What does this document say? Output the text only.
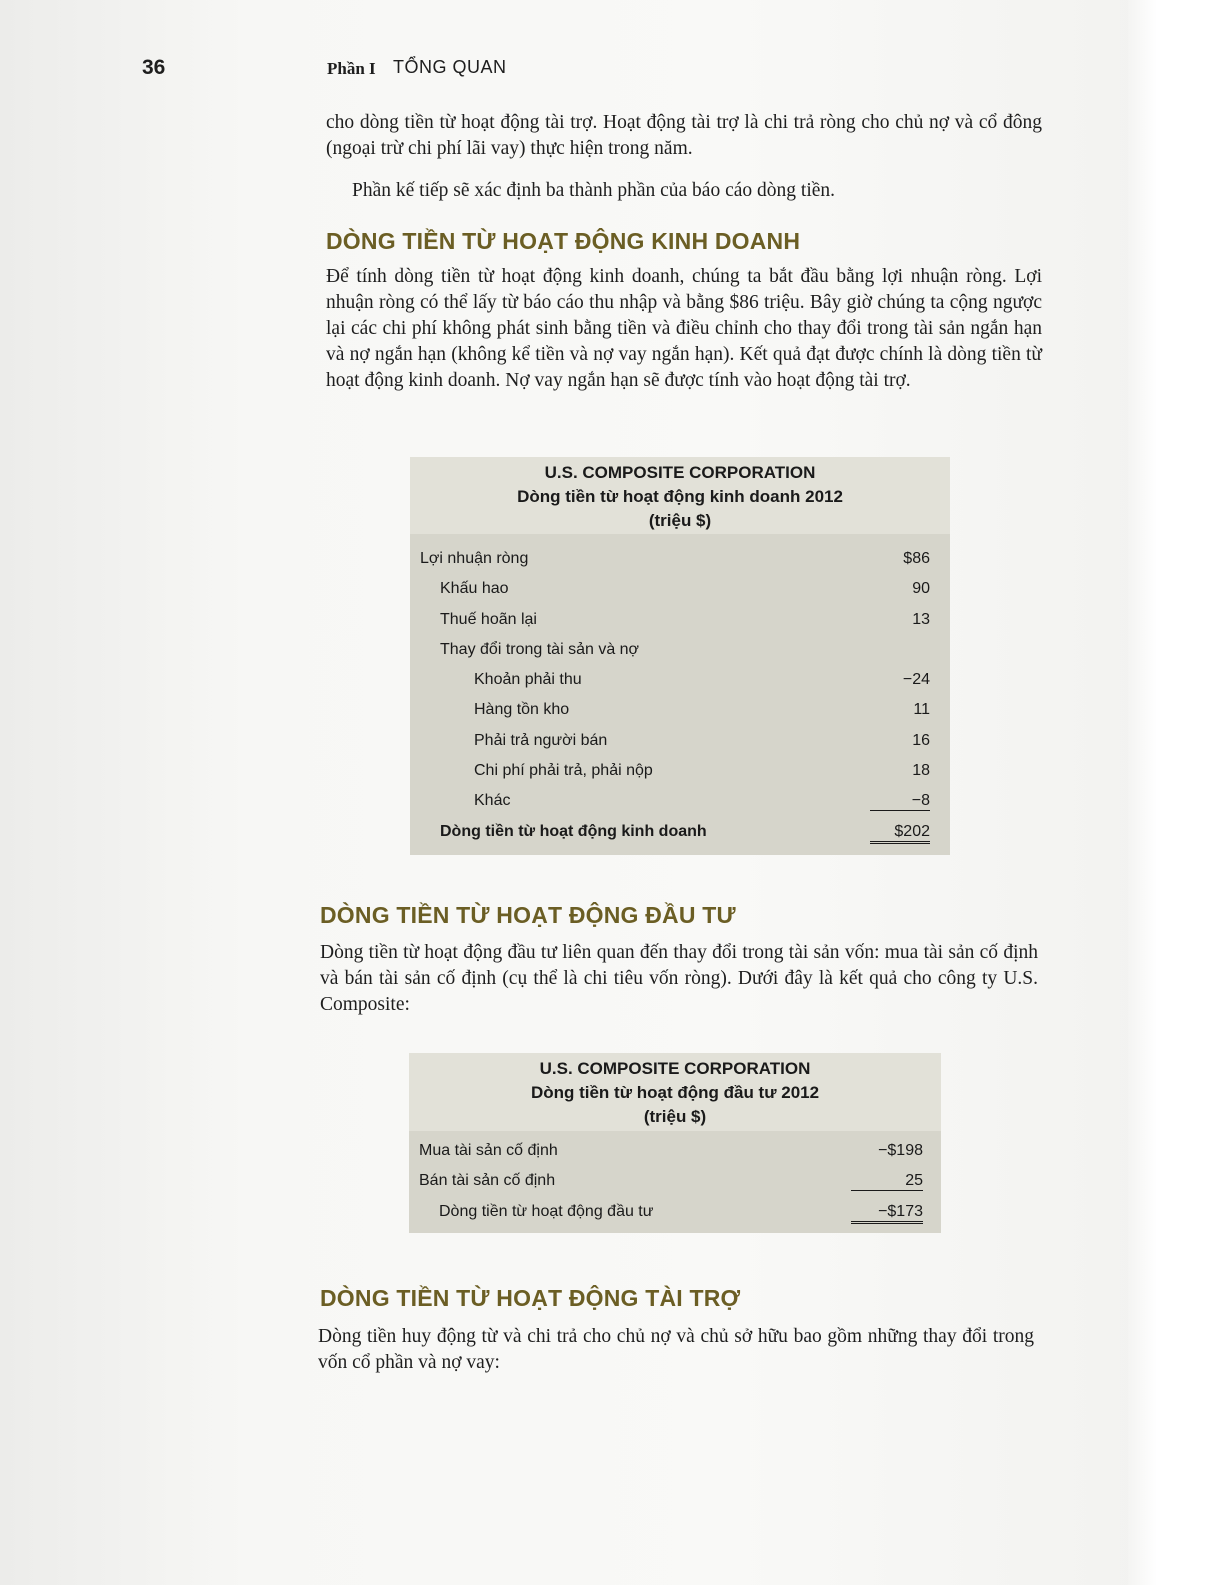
36	Phần I TỔNG QUAN
cho dòng tiền từ hoạt động tài trợ. Hoạt động tài trợ là chi trả ròng cho chủ nợ và cổ đông (ngoại trừ chi phí lãi vay) thực hiện trong năm.
Phần kế tiếp sẽ xác định ba thành phần của báo cáo dòng tiền.
DÒNG TIỀN TỪ HOẠT ĐỘNG KINH DOANH
Để tính dòng tiền từ hoạt động kinh doanh, chúng ta bắt đầu bằng lợi nhuận ròng. Lợi nhuận ròng có thể lấy từ báo cáo thu nhập và bằng $86 triệu. Bây giờ chúng ta cộng ngược lại các chi phí không phát sinh bằng tiền và điều chỉnh cho thay đổi trong tài sản ngắn hạn và nợ ngắn hạn (không kể tiền và nợ vay ngắn hạn). Kết quả đạt được chính là dòng tiền từ hoạt động kinh doanh. Nợ vay ngắn hạn sẽ được tính vào hoạt động tài trợ.
U.S. COMPOSITE CORPORATION
Dòng tiền từ hoạt động kinh doanh 2012
(triệu $)
Lợi nhuận ròng	$86
Khấu hao	90
Thuế hoãn lại	13
Thay đổi trong tài sản và nợ
Khoản phải thu	−24
Hàng tồn kho	11
Phải trả người bán	16
Chi phí phải trả, phải nộp	18
Khác	−8
Dòng tiền từ hoạt động kinh doanh	$202
DÒNG TIỀN TỪ HOẠT ĐỘNG ĐẦU TƯ
Dòng tiền từ hoạt động đầu tư liên quan đến thay đổi trong tài sản vốn: mua tài sản cố định và bán tài sản cố định (cụ thể là chi tiêu vốn ròng). Dưới đây là kết quả cho công ty U.S. Composite:
U.S. COMPOSITE CORPORATION
Dòng tiền từ hoạt động đầu tư 2012
(triệu $)
Mua tài sản cố định	−$198
Bán tài sản cố định	25
Dòng tiền từ hoạt động đầu tư	−$173
DÒNG TIỀN TỪ HOẠT ĐỘNG TÀI TRỢ
Dòng tiền huy động từ và chi trả cho chủ nợ và chủ sở hữu bao gồm những thay đổi trong vốn cổ phần và nợ vay:
